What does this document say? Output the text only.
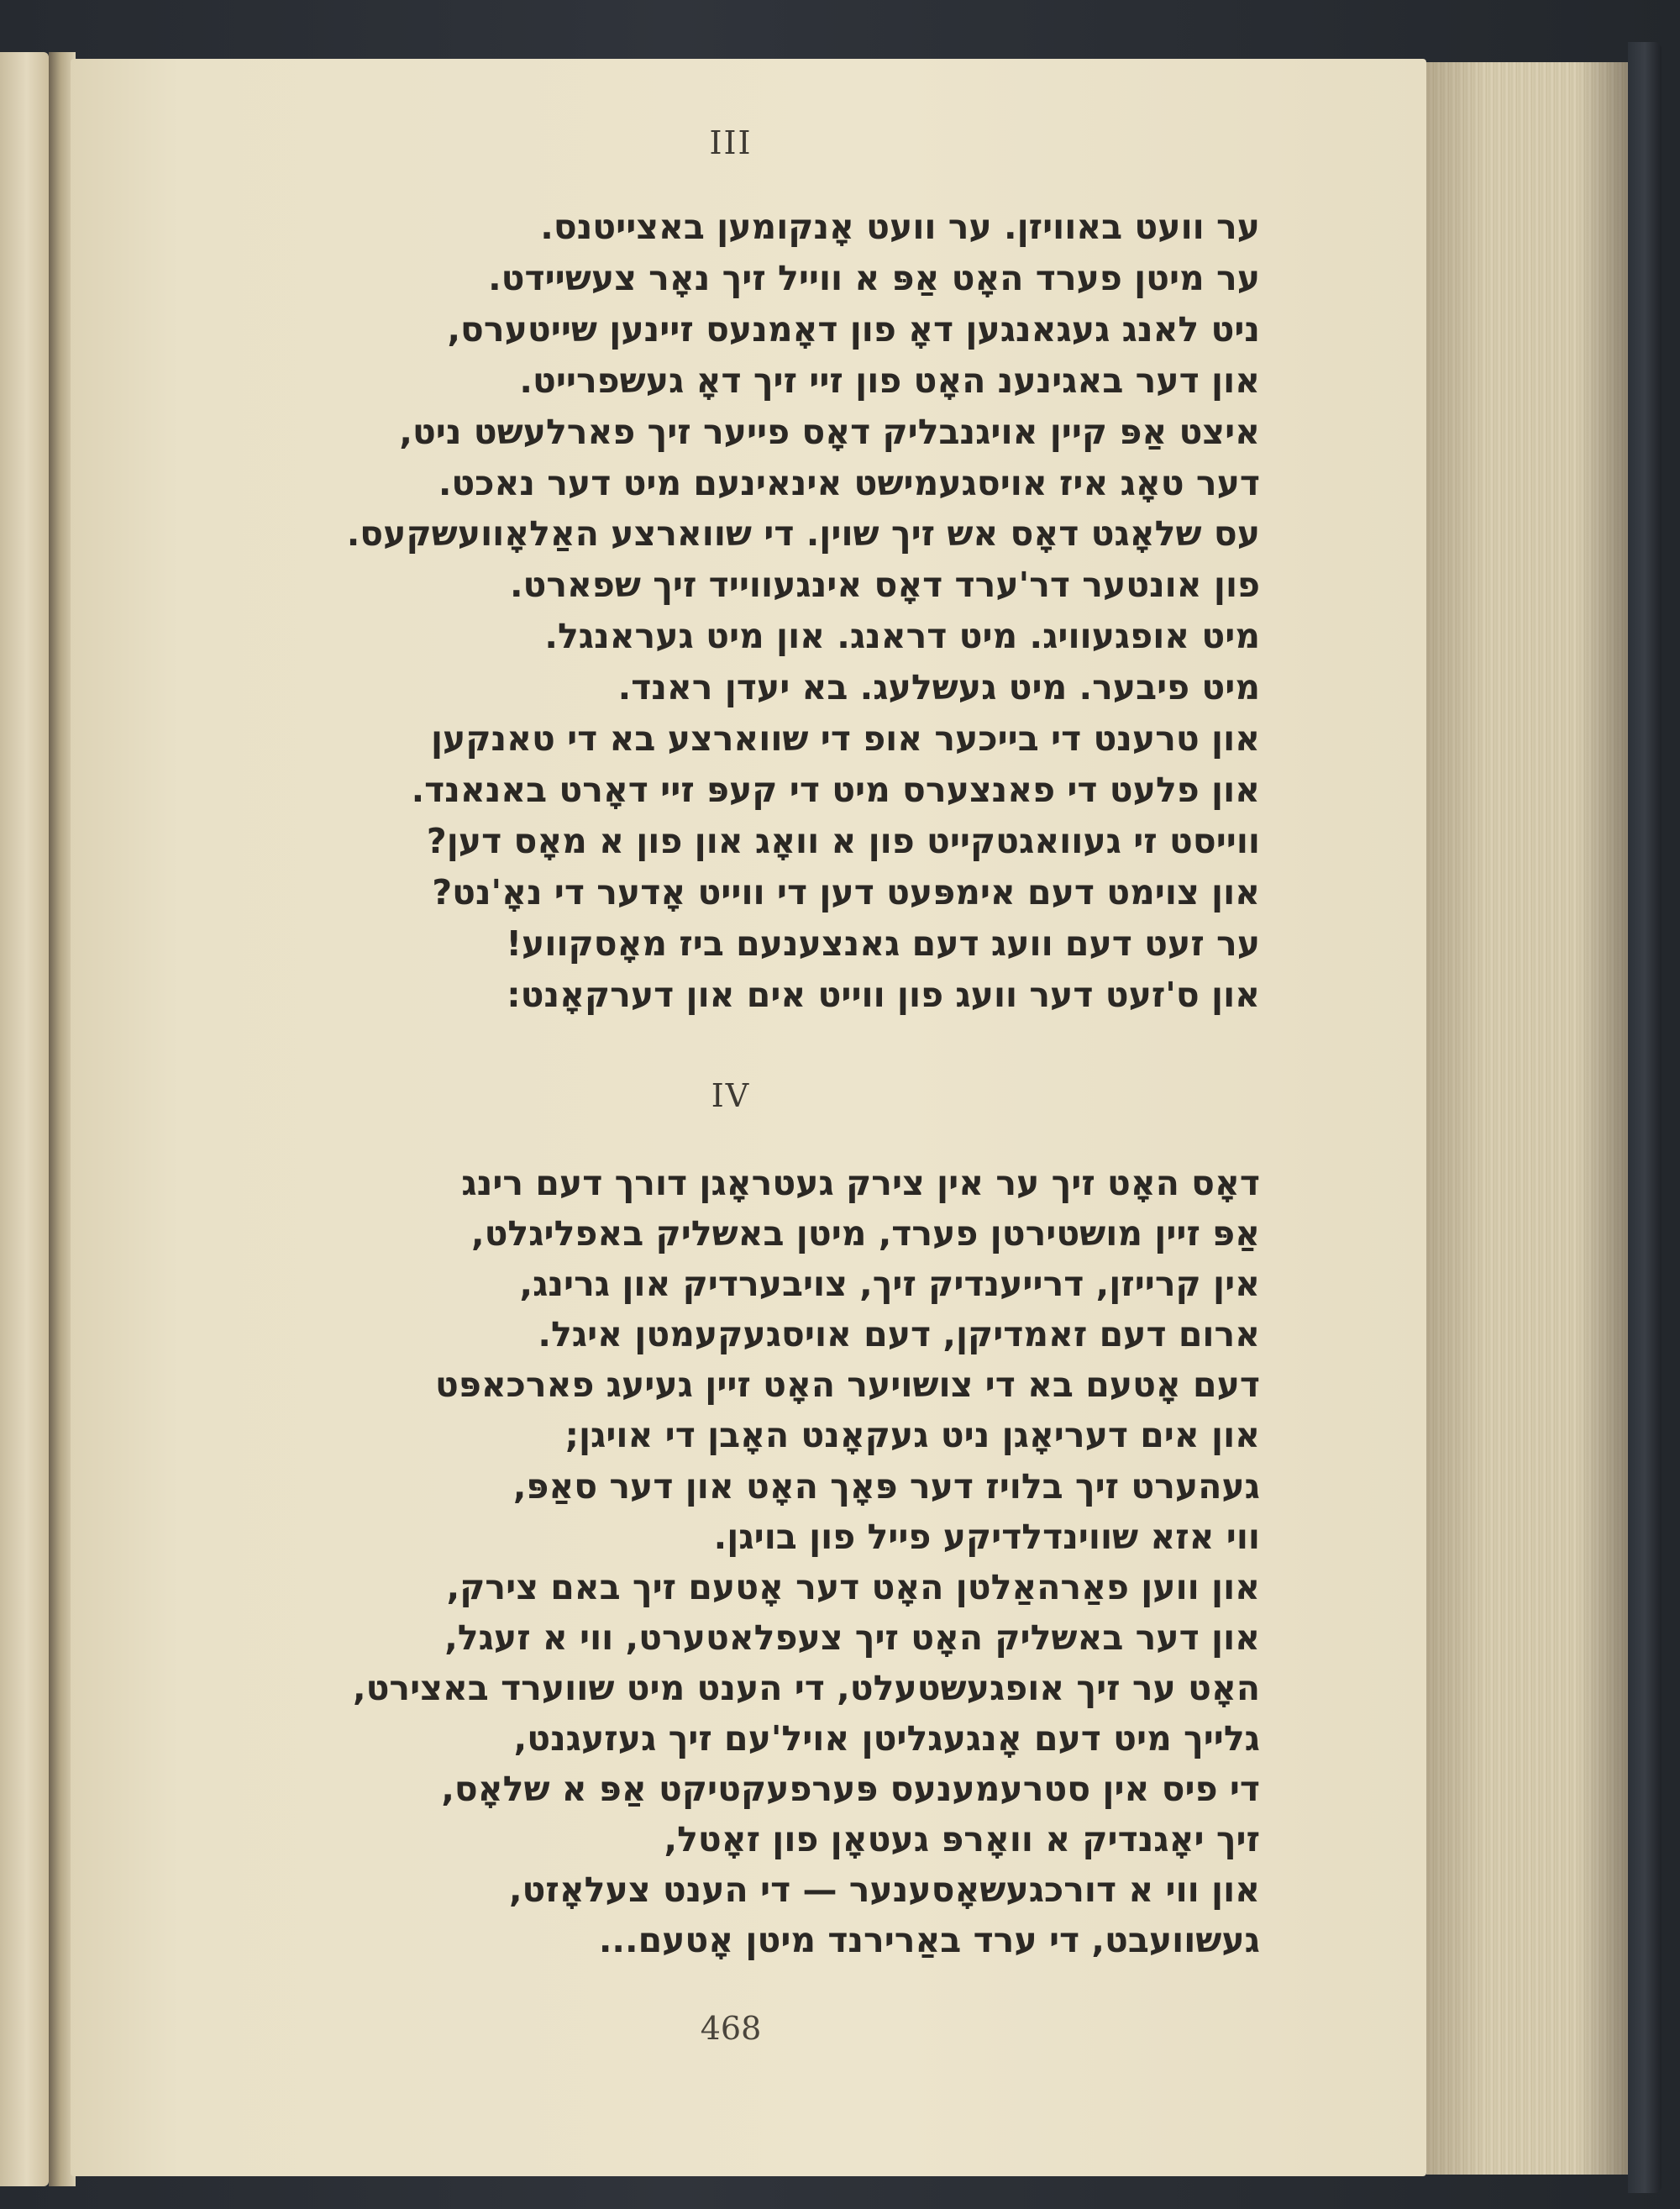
III
ער וועט באוויזן. ער וועט אָנקומען באצייטנס.
ער מיטן פערד האָט אַפּ א ווייל זיך נאָר צעשיידט.
ניט לאנג געגאנגען דאָ פון דאָמנעס זיינען שייטערס,
און דער באגינענ האָט פון זיי זיך דאָ געשפרייט.
איצט אַפּ קיין אויגנבליק דאָס פייער זיך פארלעשט ניט,
דער טאָג איז אויסגעמישט אינאינעם מיט דער נאכט.
עס שלאָגט דאָס אש זיך שוין. די שווארצע האַלאָוועשקעס.
פון אונטער דר'ערד דאָס אינגעווייד זיך שפארט.
מיט אופגעוויג. מיט דראנג. און מיט געראנגל.
מיט פיבער. מיט געשלעג. בא יעדן ראנד.
און טרענט די בייכער אופ די שווארצע בא די טאנקען
און פלעט די פאנצערס מיט די קעפּ זיי דאָרט באנאנד.
ווייסט זי געוואגטקייט פון א וואָג און פון א מאָס דען?
און צוימט דעם אימפּעט דען די ווייט אָדער די נאָ'נט?
ער זעט דעם וועג דעם גאנצענעם ביז מאָסקווע!
און ס'זעט דער וועג פון ווייט אים און דערקאָנט:
IV
דאָס האָט זיך ער אין צירק געטראָגן דורך דעם רינג
אַפּ זיין מושטירטן פערד, מיטן באשליק באפליגלט,
אין קרייזן, דרייענדיק זיך, צויבערדיק און גרינג,
ארום דעם זאמדיקן, דעם אויסגעקעמטן איגל.
דעם אָטעם בא די צושויער האָט זיין געיעג פארכאפּט
און אים דעריאָגן ניט געקאָנט האָבן די אויגן;
געהערט זיך בלויז דער פּאָך האָט און דער סאַפּ,
ווי אזא שווינדלדיקע פייל פון בויגן.
און ווען פאַרהאַלטן האָט דער אָטעם זיך באם צירק,
און דער באשליק האָט זיך צעפלאטערט, ווי א זעגל,
האָט ער זיך אופגעשטעלט, די הענט מיט שווערד באצירט,
גלייך מיט דעם אָנגעגליטן אויל'עם זיך געזעגנט,
די פיס אין סטרעמענעס פּערפעקטיקט אַפּ א שלאָס,
זיך יאָגנדיק א וואָרפּ געטאָן פון זאָטל,
און ווי א דורכגעשאָסענער — די הענט צעלאָזט,
געשוועבט, די ערד באַרירנד מיטן אָטעם...
468
